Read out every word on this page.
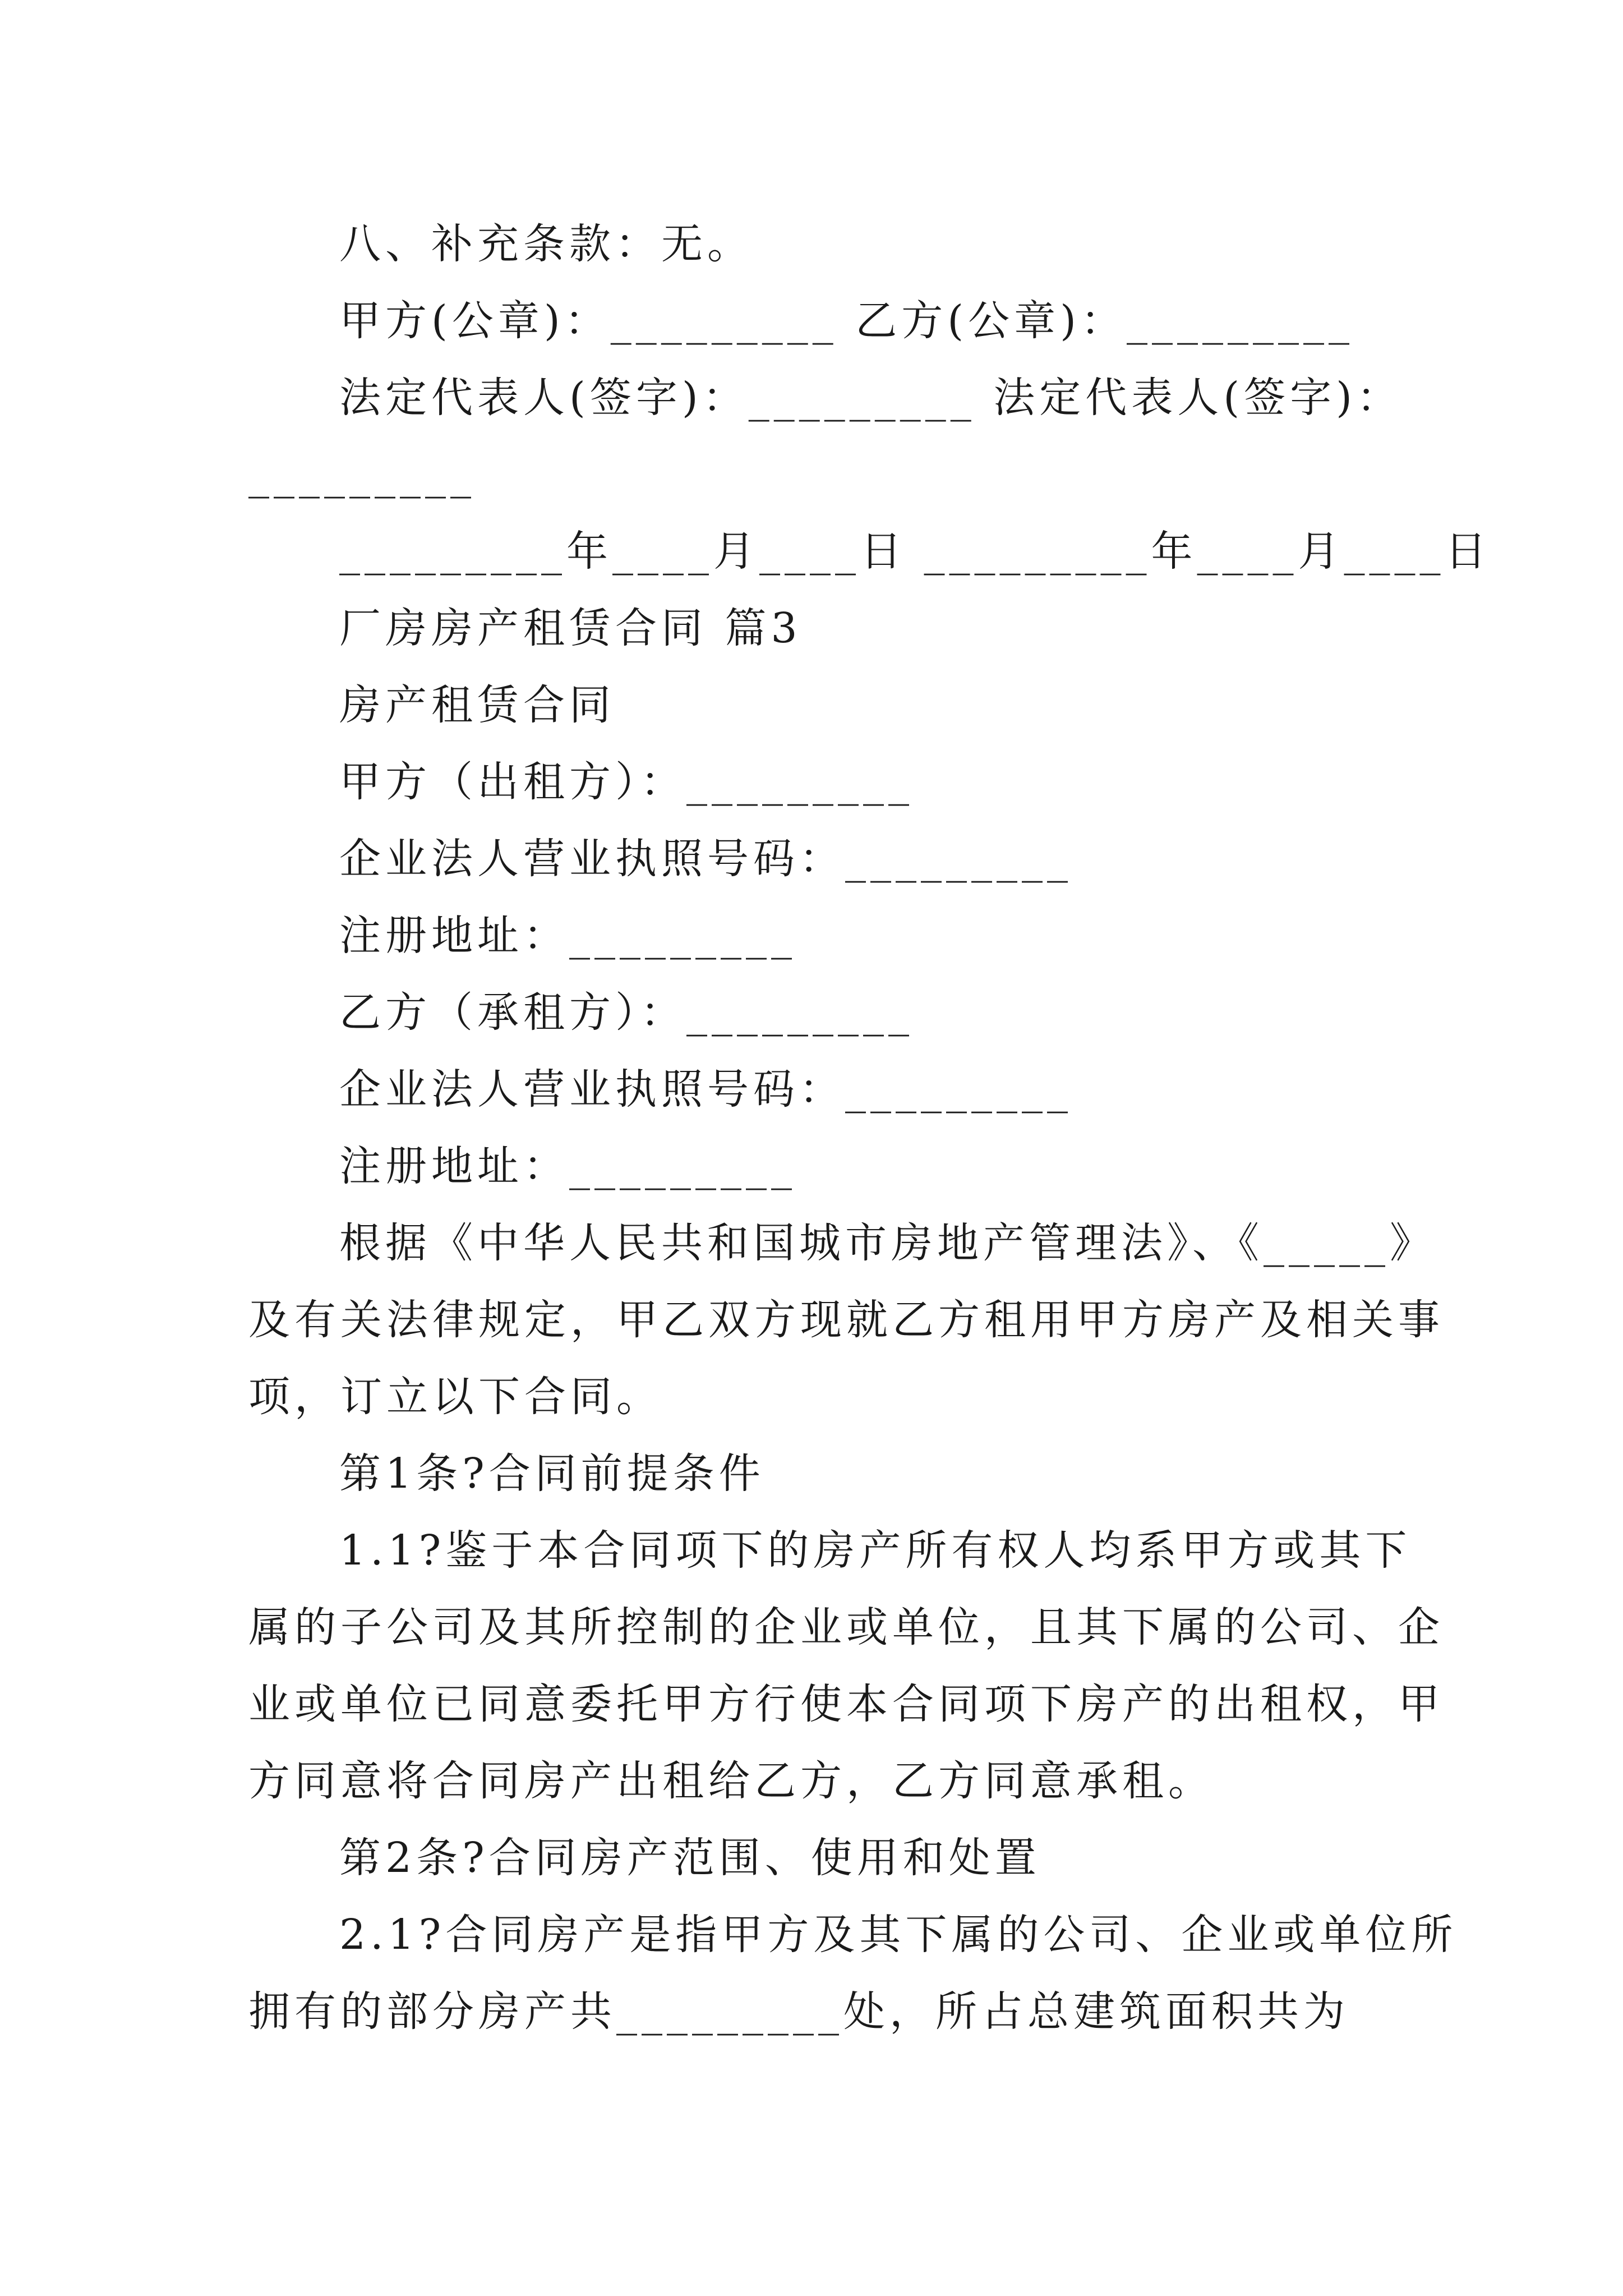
八、补充条款：无。
甲方(公章)：_________ 乙方(公章)：_________
法定代表人(签字)：_________ 法定代表人(签字)：
_________
_________年____月____日 _________年____月____日
厂房房产租赁合同 篇3
房产租赁合同
甲方（出租方）：_________
企业法人营业执照号码：_________
注册地址：_________
乙方（承租方）：_________
企业法人营业执照号码：_________
注册地址：_________
根据《中华人民共和国城市房地产管理法》、《_____》
及有关法律规定，甲乙双方现就乙方租用甲方房产及相关事
项，订立以下合同。
第1条?合同前提条件
1.1?鉴于本合同项下的房产所有权人均系甲方或其下
属的子公司及其所控制的企业或单位，且其下属的公司、企
业或单位已同意委托甲方行使本合同项下房产的出租权，甲
方同意将合同房产出租给乙方，乙方同意承租。
第2条?合同房产范围、使用和处置
2.1?合同房产是指甲方及其下属的公司、企业或单位所
拥有的部分房产共_________处，所占总建筑面积共为
